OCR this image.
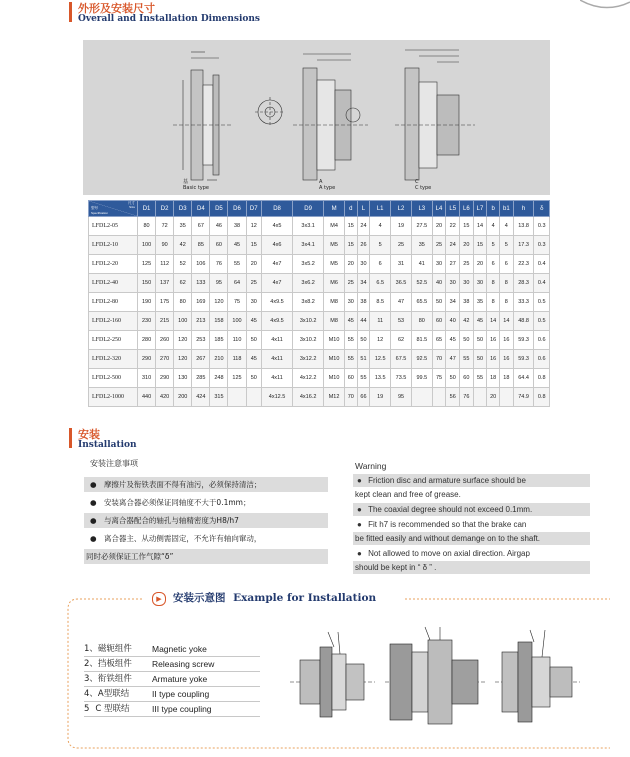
外形及安装尺寸
Overall and Installation Dimensions
基
Basic type
A
A type
C
C type
尺寸
Size
型号
Specification	D1	D2	D3	D4	D5	D6	D7	D8	D9	M	d	L	L1	L2	L3	L4	L5	L6	L7	b	b1	h	δ
LFDL2-05	80	72	35	67	46	38	12	4x5	3x3.1	M4	15	24	4	19	27.5	20	22	15	14	4	4	13.8	0.3
LFDL2-10	100	90	42	85	60	45	15	4x6	3x4.1	M5	15	26	5	25	35	25	24	20	15	5	5	17.3	0.3
LFDL2-20	125	112	52	106	76	55	20	4x7	3x5.2	M5	20	30	6	31	41	30	27	25	20	6	6	22.3	0.4
LFDL2-40	150	137	62	133	95	64	25	4x7	3x6.2	M6	25	34	6.5	36.5	52.5	40	30	30	30	8	8	28.3	0.4
LFDL2-80	190	175	80	169	120	75	30	4x9.5	3x8.2	M8	30	38	8.5	47	65.5	50	34	38	35	8	8	33.3	0.5
LFDL2-160	230	215	100	213	158	100	45	4x9.5	3x10.2	M8	45	44	11	53	80	60	40	42	45	14	14	48.8	0.5
LFDL2-250	280	260	120	253	185	110	50	4x11	3x10.2	M10	55	50	12	62	81.5	65	45	50	50	16	16	59.3	0.6
LFDL2-320	290	270	120	267	210	118	45	4x11	3x12.2	M10	55	51	12.5	67.5	92.5	70	47	55	50	16	16	59.3	0.6
LFDL2-500	310	290	130	285	248	125	50	4x11	4x12.2	M10	60	55	13.5	73.5	99.5	75	50	60	55	18	18	64.4	0.8
LFDL2-1000	440	420	200	424	315			4x12.5	4x16.2	M12	70	66	19	95			56	76		20		74.9	0.8
安装
Installation
安装注意事项
● 摩擦片及衔铁表面不得有油污，必须保持清洁；
● 安装离合器必须保证同轴度不大于0.1mm；
● 与离合器配合的轴孔与轴精密度为H8/h7
● 离合器主、从动侧需固定，不允许有轴向窜动，
同时必须保证工作气隙“δ”
Warning
● Friction disc and armature surface should be
kept clean and free of grease.
● The coaxial degree should not exceed 0.1mm.
● Fit h7 is recommended so that the brake can
be fitted easily and without demange on to the shaft.
● Not allowed to move on axial direction. Airgap
should be kept in “ δ ” .
▶	安装示意图 Example for Installation
1、磁轭组件 Magnetic yoke
2、挡板组件 Releasing screw
3、衔铁组件 Armature yoke
4、A型联结	II type coupling
5 C 型联结	III type coupling
